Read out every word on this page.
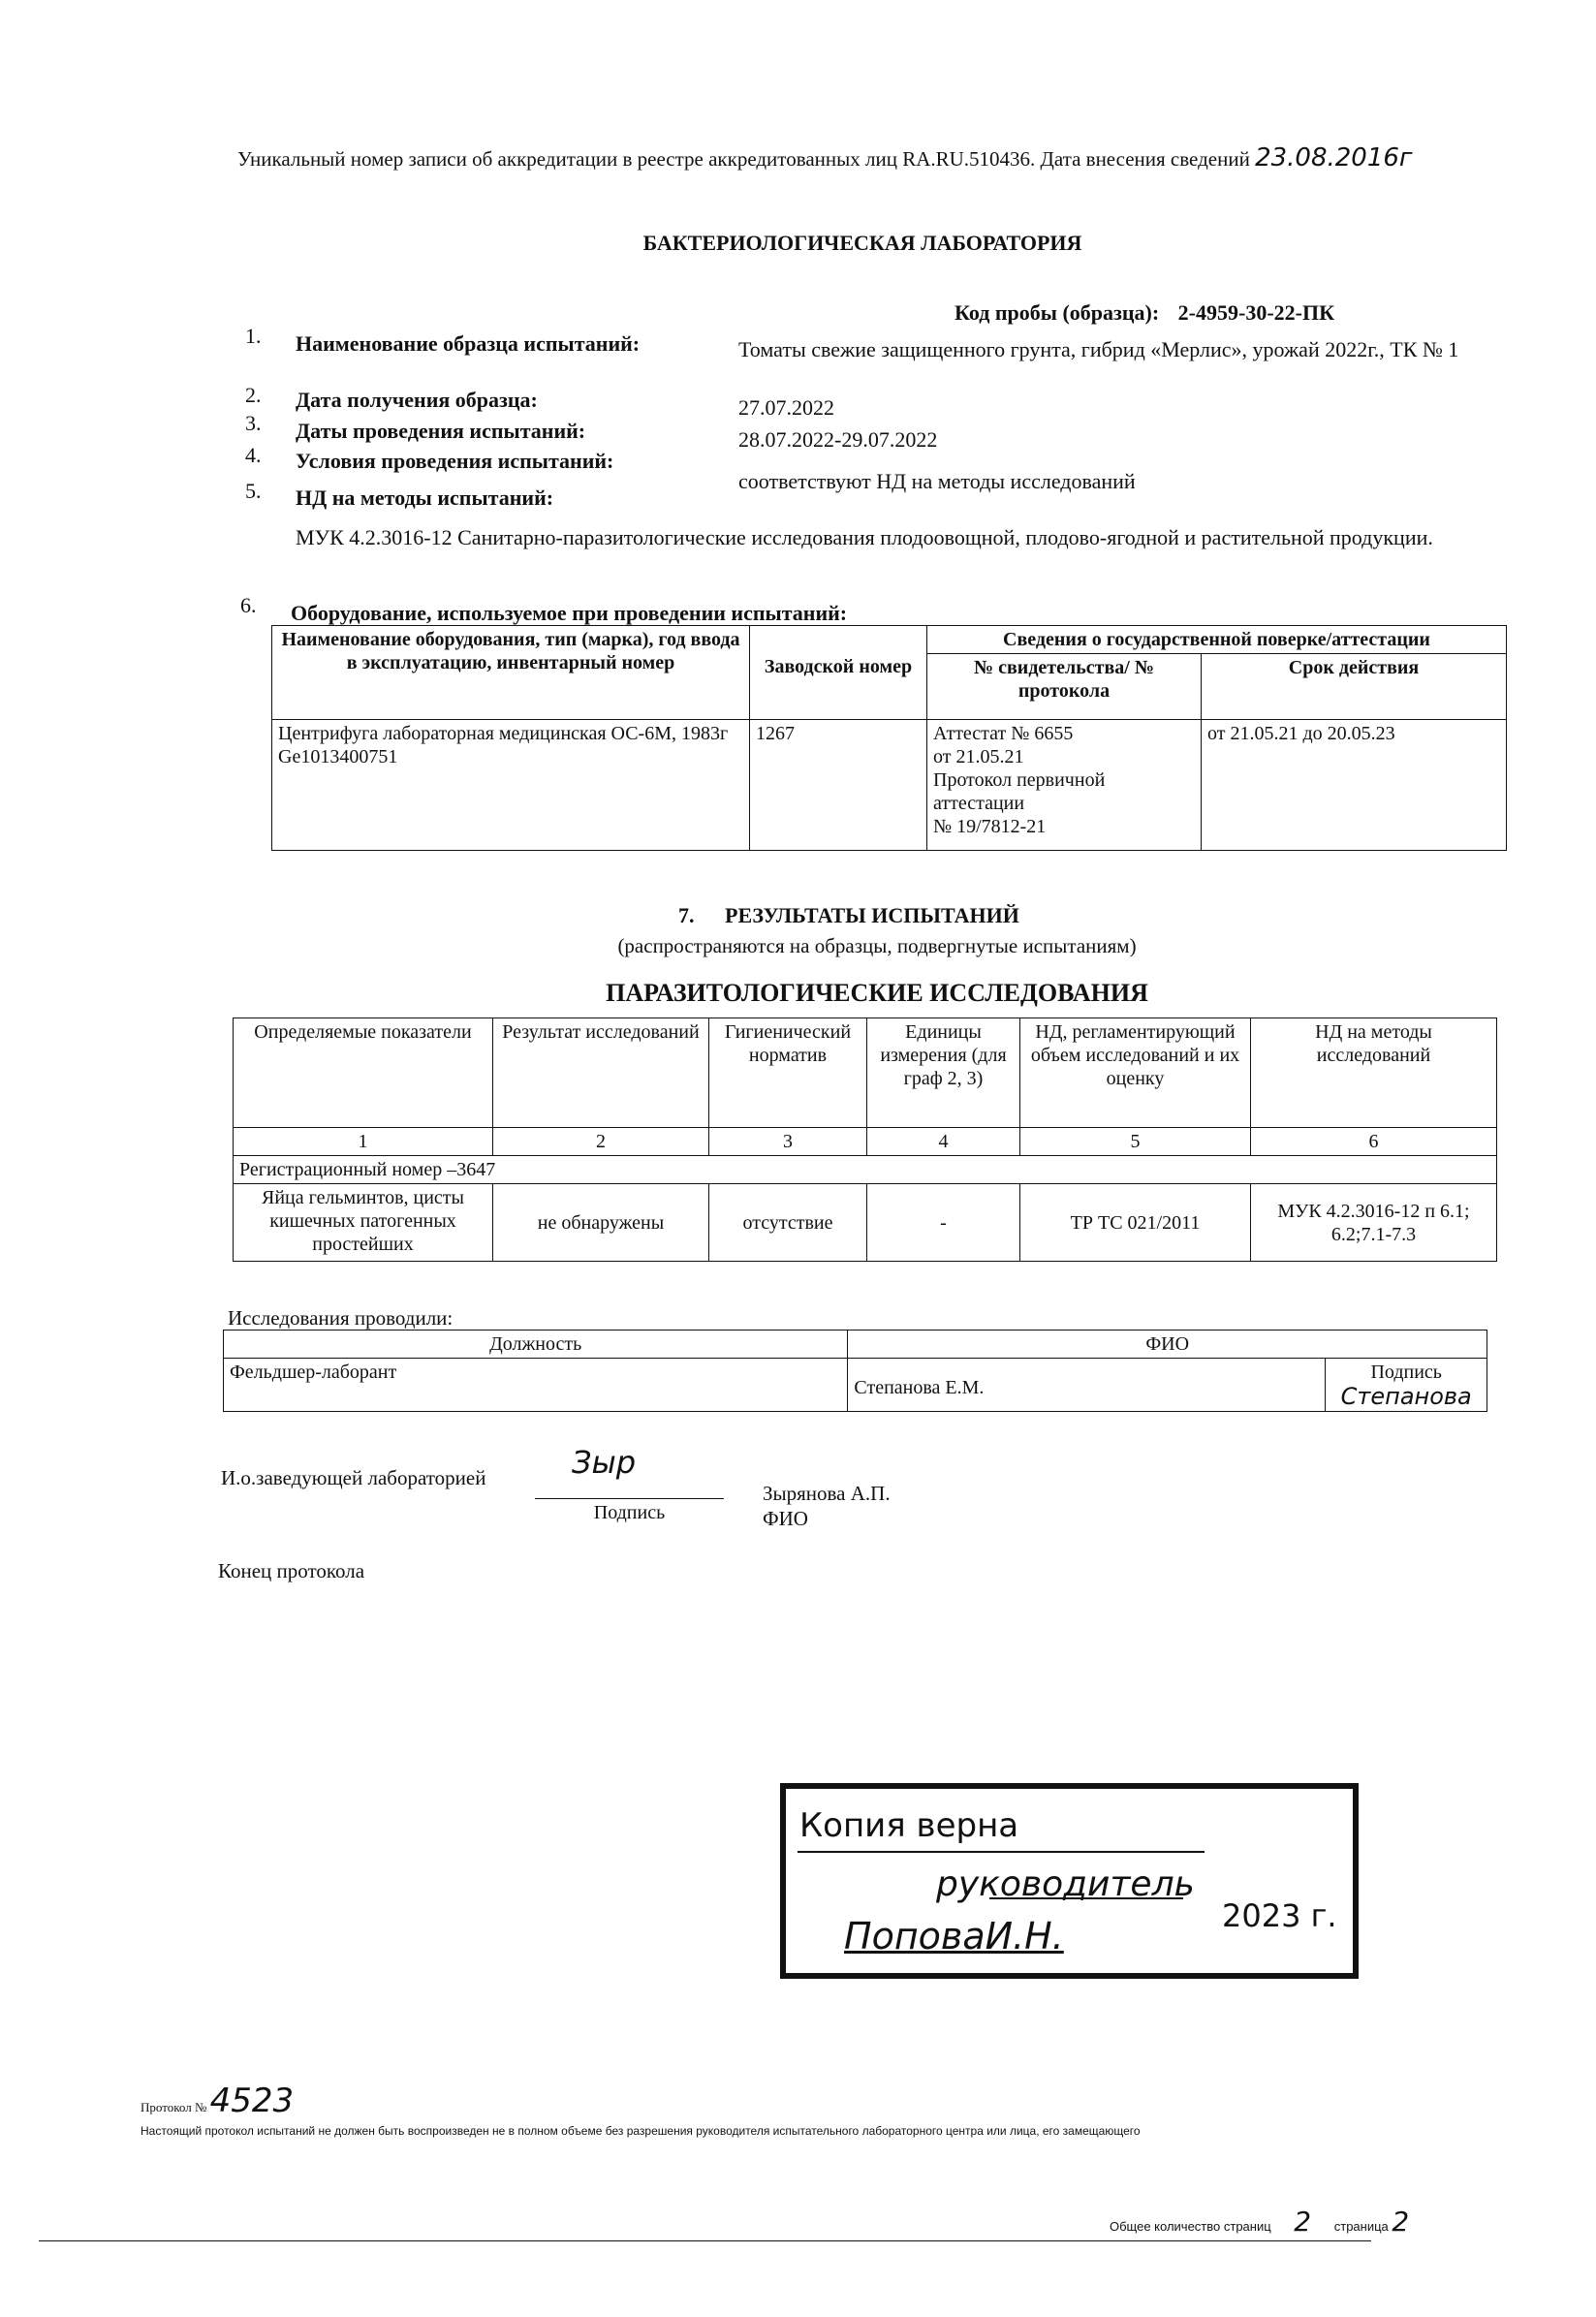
Уникальный номер записи об аккредитации в реестре аккредитованных лиц RA.RU.510436. Дата внесения сведений 23.08.2016г
БАКТЕРИОЛОГИЧЕСКАЯ ЛАБОРАТОРИЯ
Код пробы (образца): 2-4959-30-22-ПК
1. Наименование образца испытаний:	Томаты свежие защищенного грунта, гибрид «Мерлис», урожай 2022г., ТК № 1
2. Дата получения образца:	27.07.2022
3. Даты проведения испытаний:	28.07.2022-29.07.2022
4. Условия проведения испытаний:
соответствуют НД на методы исследований
5. НД на методы испытаний:
МУК 4.2.3016-12 Санитарно-паразитологические исследования плодоовощной, плодово-ягодной и растительной продукции.
6. Оборудование, используемое при проведении испытаний:
Наименование оборудования, тип (марка), год ввода в эксплуатацию, инвентарный номер	Заводской номер	Сведения о государственной поверке/аттестации	
		№ свидетельства/ № протокола	Срок действия
Центрифуга лабораторная медицинская ОС-6М, 1983г Ge1013400751	1267	Аттестат № 6655
от 21.05.21
Протокол первичной
аттестации
№ 19/7812-21	от 21.05.21 до 20.05.23
7. РЕЗУЛЬТАТЫ ИСПЫТАНИЙ
(распространяются на образцы, подвергнутые испытаниям)
ПАРАЗИТОЛОГИЧЕСКИЕ ИССЛЕДОВАНИЯ
Определяемые показатели	Результат исследований	Гигиенический норматив	Единицы измерения (для граф 2, 3)	НД, регламентирующий объем исследований и их оценку	НД на методы исследований
1	2	3	4	5	6
Регистрационный номер –3647					
Яйца гельминтов, цисты кишечных патогенных простейших	не обнаружены	отсутствие	-	ТР ТС 021/2011	МУК 4.2.3016-12 п 6.1; 6.2;7.1-7.3
Исследования проводили:
Должность	ФИО	
Фельдшер-лаборант	Степанова Е.М.	Подпись
Степанова
И.о.заведующей лабораторией	Зыр
Подпись
Зырянова А.П.
ФИО
Конец протокола
Копия верна
руководитель
2023 г.
ПоповаИ.Н.
Протокол № 4523
Настоящий протокол испытаний не должен быть воспроизведен не в полном объеме без разрешения руководителя испытательного лабораторного центра или лица, его замещающего
Общее количество страниц 2 страница 2
